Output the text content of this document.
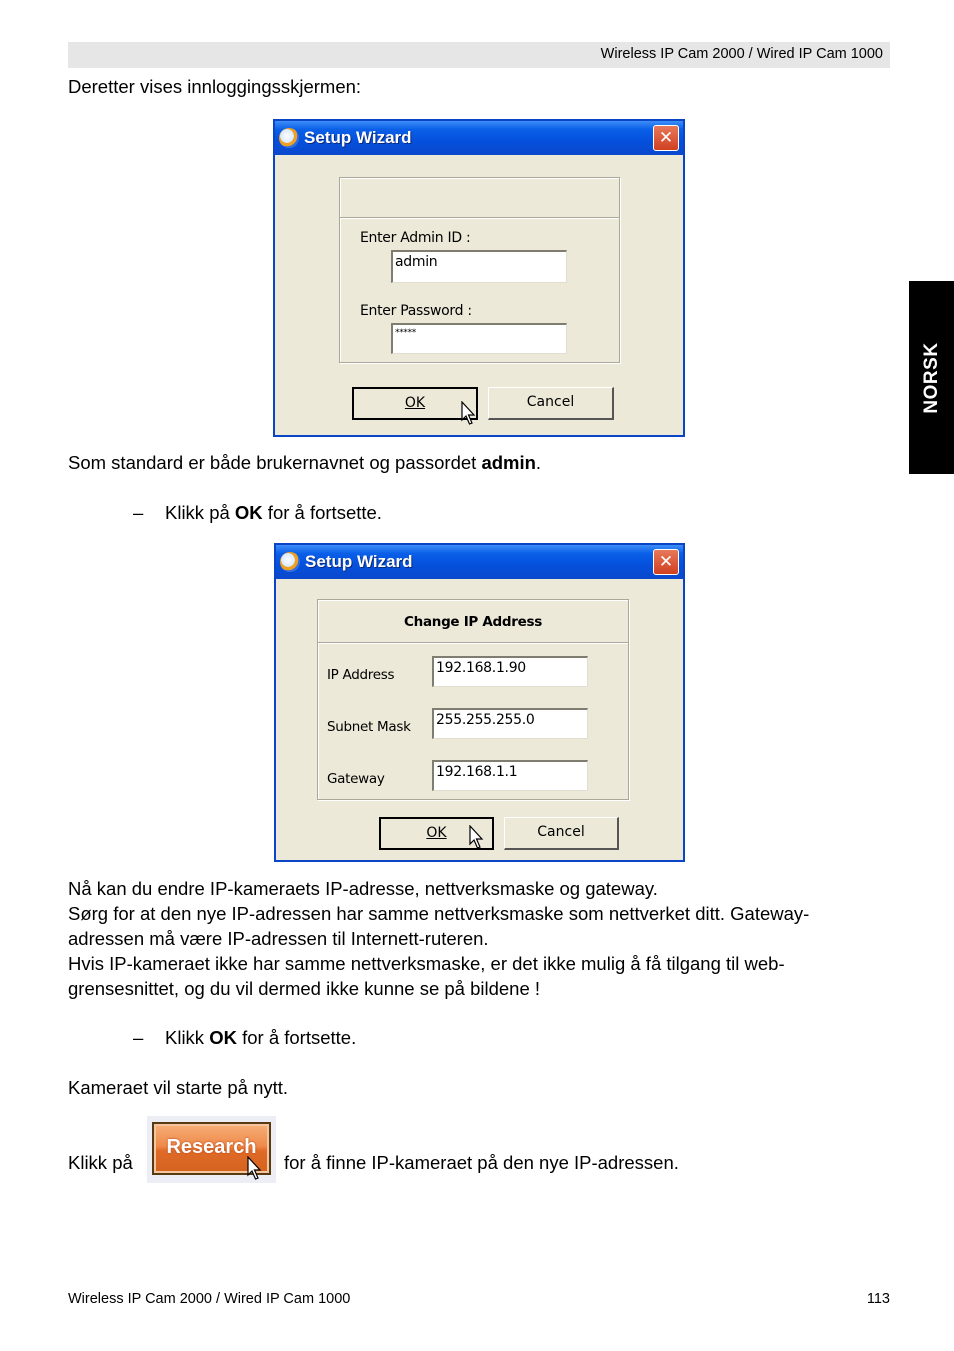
Wireless IP Cam 2000 / Wired IP Cam 1000
NORSK
Deretter vises innloggingsskjermen:
Setup Wizard	✕
Enter Admin ID :
admin
Enter Password :
*****
OK	Cancel
Som standard er både brukernavnet og passordet admin.
– Klikk på OK for å fortsette.
Setup Wizard	✕
Change IP Address
IP Address	192.168.1.90
Subnet Mask 255.255.255.0
Gateway	192.168.1.1
OK	Cancel
Nå kan du endre IP-kameraets IP-adresse, nettverksmaske og gateway.
Sørg for at den nye IP-adressen har samme nettverksmaske som nettverket ditt. Gateway-
adressen må være IP-adressen til Internett-ruteren.
Hvis IP-kameraet ikke har samme nettverksmaske, er det ikke mulig å få tilgang til web-
grensesnittet, og du vil dermed ikke kunne se på bildene !
– Klikk OK for å fortsette.
Kameraet vil starte på nytt.
Klikk på
Research
for å finne IP-kameraet på den nye IP-adressen.
Wireless IP Cam 2000 / Wired IP Cam 1000	113
